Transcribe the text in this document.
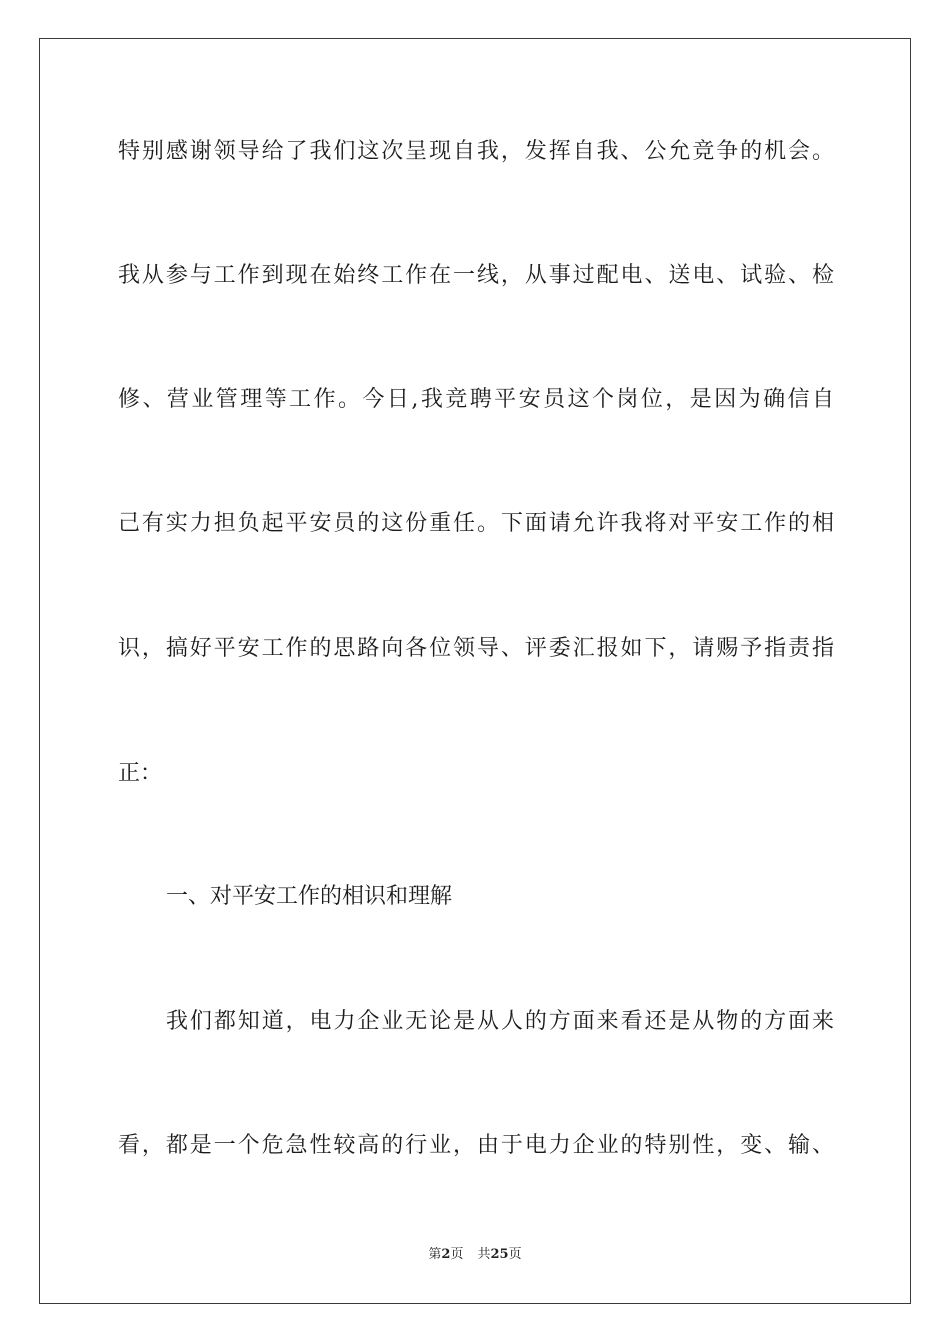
特别感谢领导给了我们这次呈现自我，发挥自我、公允竞争的机会。
我从参与工作到现在始终工作在一线，从事过配电、送电、试验、检
修、营业管理等工作。今日,我竞聘平安员这个岗位，是因为确信自
己有实力担负起平安员的这份重任。下面请允许我将对平安工作的相
识，搞好平安工作的思路向各位领导、评委汇报如下，请赐予指责指
正：
一、对平安工作的相识和理解
我们都知道，电力企业无论是从人的方面来看还是从物的方面来
看，都是一个危急性较高的行业，由于电力企业的特别性，变、输、
第2页 共25页
